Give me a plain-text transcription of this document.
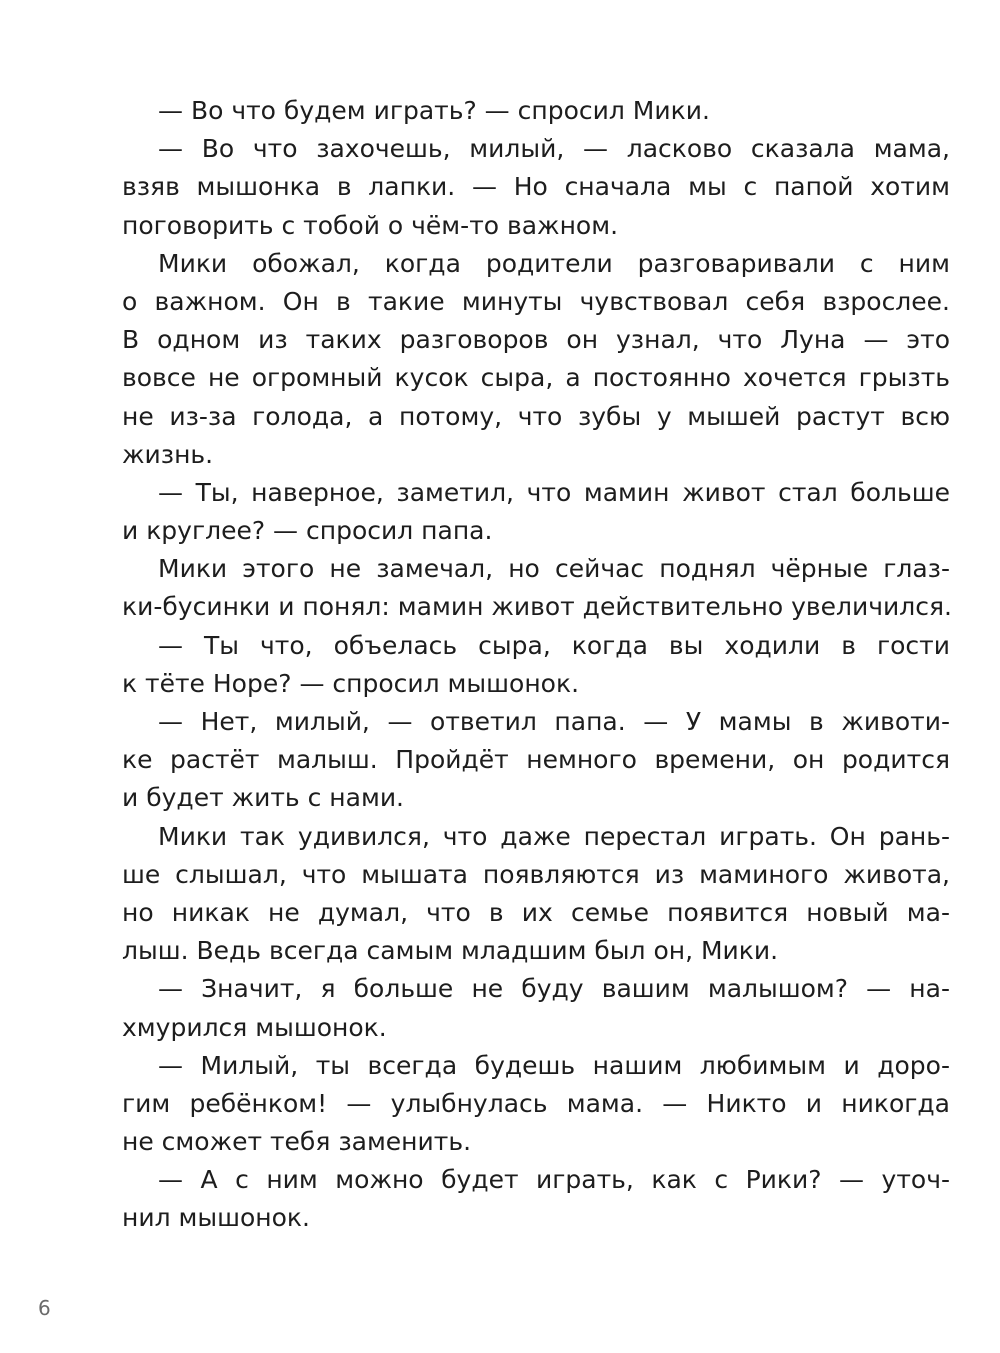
— Во что будем играть? — спросил Мики.
— Во что захочешь, милый, — ласково сказала мама,
взяв мышонка в лапки. — Но сначала мы с папой хотим
поговорить с тобой о чём-то важном.
Мики обожал, когда родители разговаривали с ним
о важном. Он в такие минуты чувствовал себя взрослее.
В одном из таких разговоров он узнал, что Луна — это
вовсе не огромный кусок сыра, а постоянно хочется грызть
не из-за голода, а потому, что зубы у мышей растут всю
жизнь.
— Ты, наверное, заметил, что мамин живот стал больше
и круглее? — спросил папа.
Мики этого не замечал, но сейчас поднял чёрные глаз-
ки-бусинки и понял: мамин живот действительно увеличился.
— Ты что, объелась сыра, когда вы ходили в гости
к тёте Норе? — спросил мышонок.
— Нет, милый, — ответил папа. — У мамы в животи-
ке растёт малыш. Пройдёт немного времени, он родится
и будет жить с нами.
Мики так удивился, что даже перестал играть. Он рань-
ше слышал, что мышата появляются из маминого живота,
но никак не думал, что в их семье появится новый ма-
лыш. Ведь всегда самым младшим был он, Мики.
— Значит, я больше не буду вашим малышом? — на-
хмурился мышонок.
— Милый, ты всегда будешь нашим любимым и доро-
гим ребёнком! — улыбнулась мама. — Никто и никогда
не сможет тебя заменить.
— А с ним можно будет играть, как с Рики? — уточ-
нил мышонок.
6
